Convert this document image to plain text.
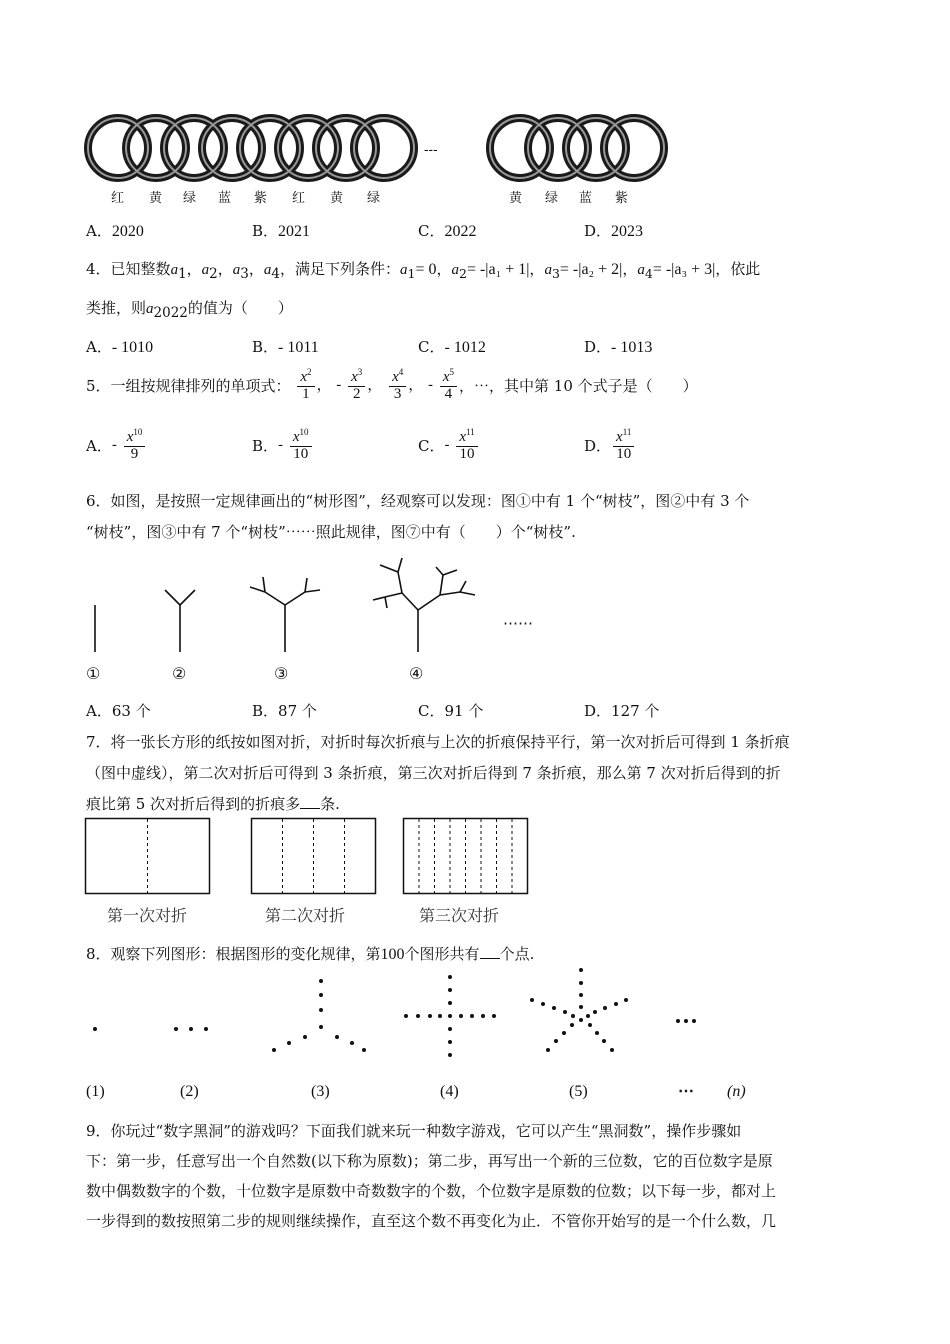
---
红 黄 绿 蓝 紫 红 黄 绿	黄 绿 蓝 紫
A．2020	B．2021	C．2022	D．2023
4．已知整数$a_1$，$a_2$，$a_3$，$a_4$，满足下列条件：$a_1= 0$，$a_2= -|a_1 + 1|$，$a_3= -|a_2 + 2|$，$a_4= -|a_3 + 3|$，依此
类推，则$a_{2022}$的值为（　　）
A．- 1010	B．- 1011	C．- 1012	D．- 1013
5．一组按规律排列的单项式： $\frac{x^2}{1}$ ， - $\frac{x^3}{2}$ ， $\frac{x^4}{3}$ ， - $\frac{x^5}{4}$ ，⋯，其中第 10 个式子是（　　）
A．- $\frac{x^{10}}{9}$	B．- $\frac{x^{10}}{10}$	C．- $\frac{x^{11}}{10}$	D． $\frac{x^{11}}{10}$
6．如图，是按照一定规律画出的“树形图”，经观察可以发现：图①中有 1 个“树枝”，图②中有 3 个
“树枝”，图③中有 7 个“树枝”⋯⋯照此规律，图⑦中有（　　）个“树枝”.
⋯⋯
①	②	③	④
A．63 个	B．87 个	C．91 个	D．127 个
7．将一张长方形的纸按如图对折，对折时每次折痕与上次的折痕保持平行，第一次对折后可得到 1 条折痕
（图中虚线），第二次对折后可得到 3 条折痕，第三次对折后得到 7 条折痕，那么第 7 次对折后得到的折
痕比第 5 次对折后得到的折痕多 条.
第一次对折	第二次对折	第三次对折
8．观察下列图形：根据图形的变化规律，第100个图形共有 个点.
(1)	(2)	(3)	(4)	(5)	⋯ (n)
9．你玩过“数字黑洞”的游戏吗？下面我们就来玩一种数字游戏，它可以产生“黑洞数”，操作步骤如
下：第一步，任意写出一个自然数(以下称为原数)；第二步，再写出一个新的三位数，它的百位数字是原
数中偶数数字的个数，十位数字是原数中奇数数字的个数，个位数字是原数的位数；以下每一步，都对上
一步得到的数按照第二步的规则继续操作，直至这个数不再变化为止．不管你开始写的是一个什么数，几
